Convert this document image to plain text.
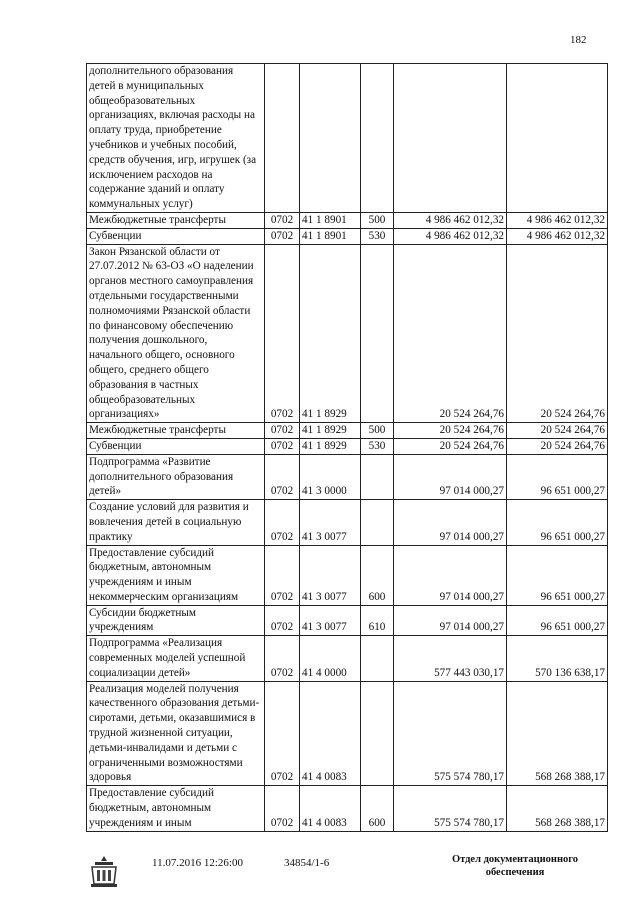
182
дополнительного образования детей в муниципальных общеобразовательных организациях, включая расходы на оплату труда, приобретение учебников и учебных пособий, средств обучения, игр, игрушек (за исключением расходов на содержание зданий и оплату коммунальных услуг)					
Межбюджетные трансферты	0702	41 1 8901	500	4 986 462 012,32	4 986 462 012,32
Субвенции	0702	41 1 8901	530	4 986 462 012,32	4 986 462 012,32
Закон Рязанской области от 27.07.2012 № 63-ОЗ «О наделении органов местного самоуправления отдельными государственными полномочиями Рязанской области по финансовому обеспечению получения дошкольного, начального общего, основного общего, среднего общего образования в частных общеобразовательных организациях»	0702	41 1 8929		20 524 264,76	20 524 264,76
Межбюджетные трансферты	0702	41 1 8929	500	20 524 264,76	20 524 264,76
Субвенции	0702	41 1 8929	530	20 524 264,76	20 524 264,76
Подпрограмма «Развитие дополнительного образования детей»	0702	41 3 0000		97 014 000,27	96 651 000,27
Создание условий для развития и вовлечения детей в социальную практику	0702	41 3 0077		97 014 000,27	96 651 000,27
Предоставление субсидий бюджетным, автономным учреждениям и иным некоммерческим организациям	0702	41 3 0077	600	97 014 000,27	96 651 000,27
Субсидии бюджетным учреждениям	0702	41 3 0077	610	97 014 000,27	96 651 000,27
Подпрограмма «Реализация современных моделей успешной социализации детей»	0702	41 4 0000		577 443 030,17	570 136 638,17
Реализация моделей получения качественного образования детьми-сиротами, детьми, оказавшимися в трудной жизненной ситуации, детьми-инвалидами и детьми с ограниченными возможностями здоровья	0702	41 4 0083		575 574 780,17	568 268 388,17
Предоставление субсидий бюджетным, автономным учреждениям и иным	0702	41 4 0083	600	575 574 780,17	568 268 388,17
11.07.2016 12:26:00	34854/1-6	Отдел документационного
обеспечения
